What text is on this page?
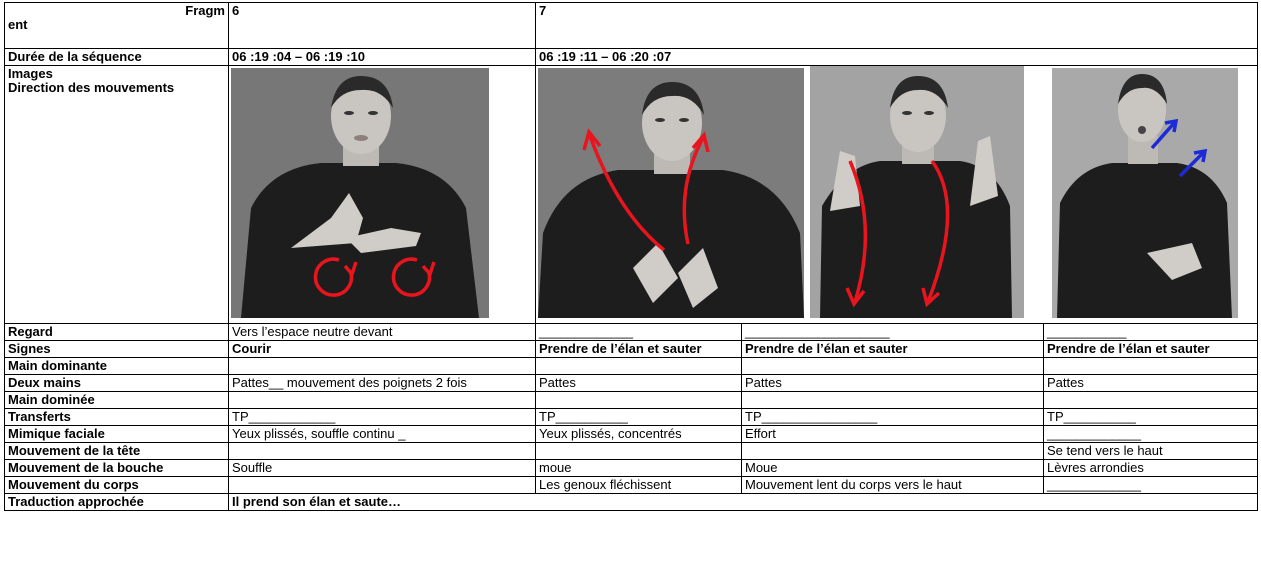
Fragm
ent	6	7		
Durée de la séquence	06 :19 :04 – 06 :19 :10	06 :19 :11 – 06 :20 :07		

Images
Direction des mouvements

Regard	Vers l’espace neutre devant	_____________	____________________	___________
Signes	Courir	Prendre de l’élan et sauter	Prendre de l’élan et sauter	Prendre de l’élan et sauter
Main dominante				
Deux mains	Pattes__ mouvement des poignets 2 fois	Pattes	Pattes	Pattes
Main dominée				
Transferts	TP____________	TP__________	TP________________	TP__________
Mimique faciale	Yeux plissés, souffle continu _	Yeux plissés, concentrés	Effort	_____________
Mouvement de la tête				Se tend vers le haut
Mouvement de la bouche	Souffle	moue	Moue	Lèvres arrondies
Mouvement du corps		Les genoux fléchissent	Mouvement lent du corps vers le haut	_____________
Traduction approchée	Il prend son élan et saute…			
